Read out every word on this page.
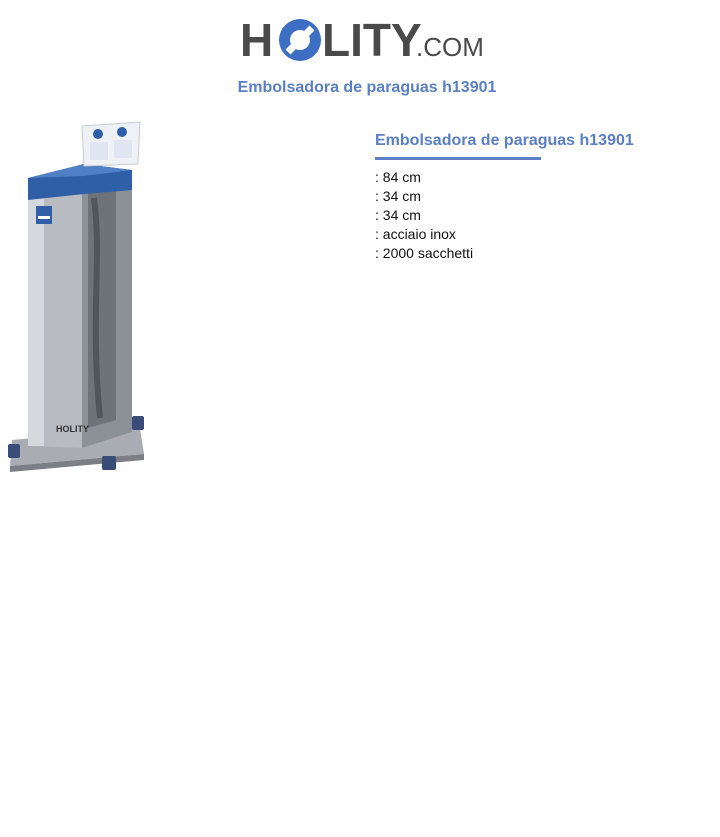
H LITY
.COM
Embolsadora de paraguas h13901
HOLITY
Embolsadora de paraguas h13901
: 84 cm
: 34 cm
: 34 cm
: acciaio inox
: 2000 sacchetti
